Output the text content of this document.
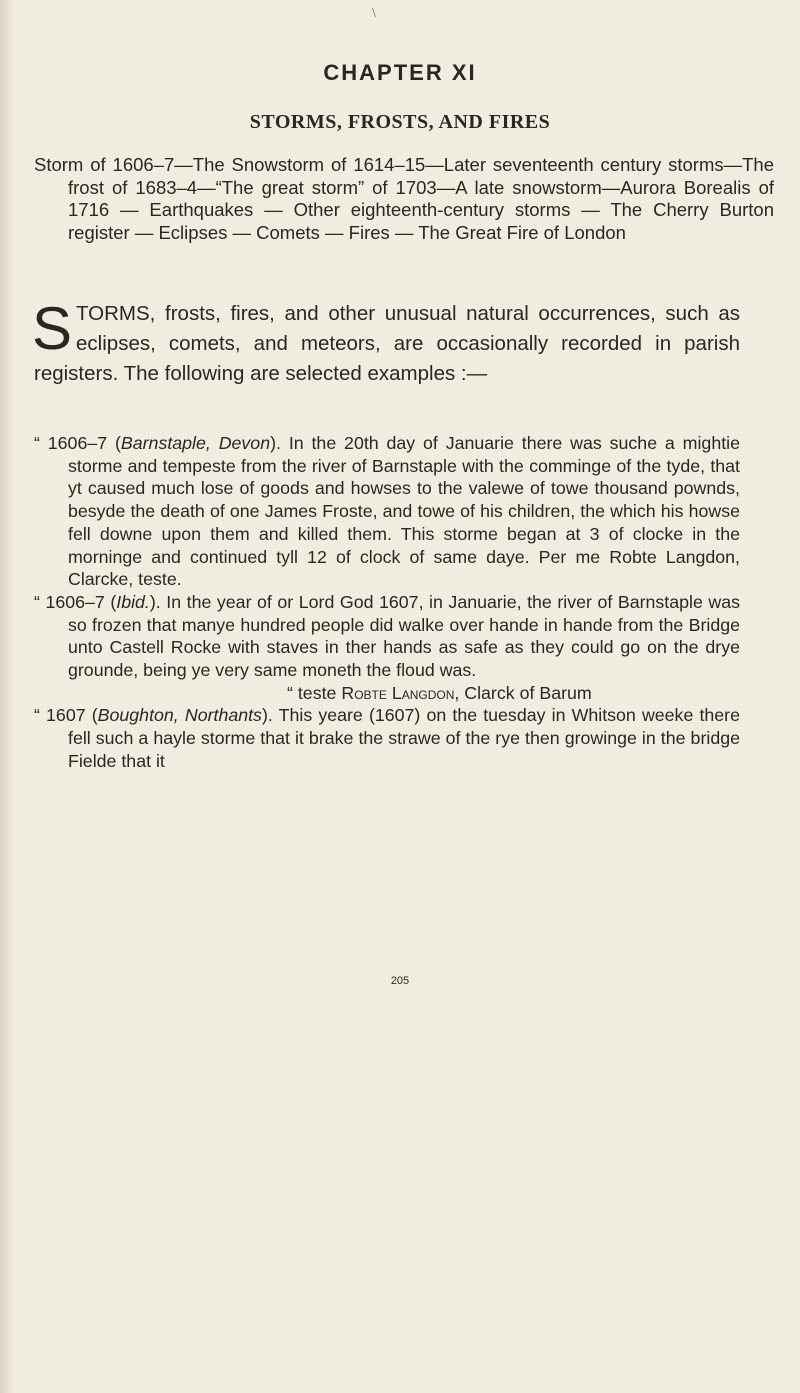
\
CHAPTER XI
STORMS, FROSTS, AND FIRES

Storm of 1606–7—The Snowstorm of 1614–15—Later seventeenth century storms—The frost of 1683–4—“The great storm” of 1703—A late snowstorm—Aurora Borealis of 1716 — Earthquakes — Other eighteenth-century storms — The Cherry Burton register — Eclipses — Comets — Fires — The Great Fire of London

STORMS, frosts, fires, and other unusual natural occurrences, such as eclipses, comets, and meteors, are occasionally recorded in parish registers. The following are selected examples :—

“ 1606–7 (Barnstaple, Devon). In the 20th day of Januarie there was suche a mightie storme and tempeste from the river of Barnstaple with the comminge of the tyde, that yt caused much lose of goods and howses to the valewe of towe thousand pownds, besyde the death of one James Froste, and towe of his children, the which his howse fell downe upon them and killed them. This storme began at 3 of clocke in the morninge and continued tyll 12 of clock of same daye. Per me Robte Langdon, Clarcke, teste.

“ 1606–7 (Ibid.). In the year of or Lord God 1607, in Januarie, the river of Barnstaple was so frozen that manye hundred people did walke over hande in hande from the Bridge unto Castell Rocke with staves in ther hands as safe as they could go on the drye grounde, being ye very same moneth the floud was.

“ teste Robte Langdon, Clarck of Barum

“ 1607 (Boughton, Northants). This yeare (1607) on the tuesday in Whitson weeke there fell such a hayle storme that it brake the strawe of the rye then growinge in the bridge Fielde that it

205
